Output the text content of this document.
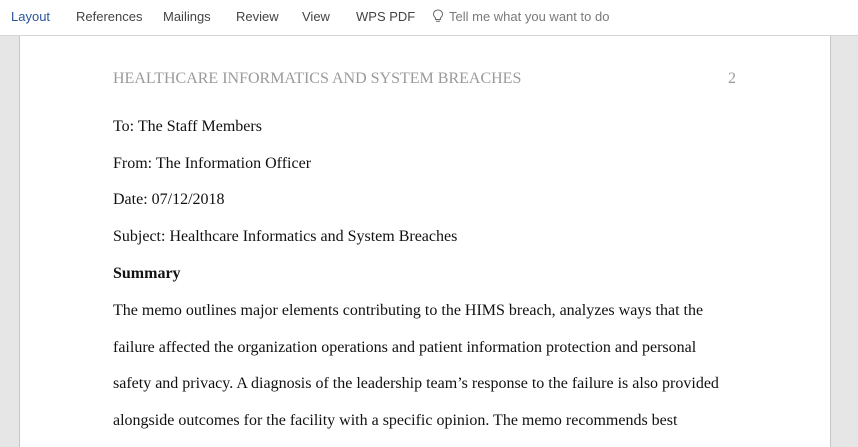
Layout References Mailings Review View WPS PDF	Tell me what you want to do
HEALTHCARE INFORMATICS AND SYSTEM BREACHES	2
To: The Staff Members
From: The Information Officer
Date: 07/12/2018
Subject: Healthcare Informatics and System Breaches
Summary
The memo outlines major elements contributing to the HIMS breach, analyzes ways that the
failure affected the organization operations and patient information protection and personal
safety and privacy. A diagnosis of the leadership team’s response to the failure is also provided
alongside outcomes for the facility with a specific opinion. The memo recommends best
